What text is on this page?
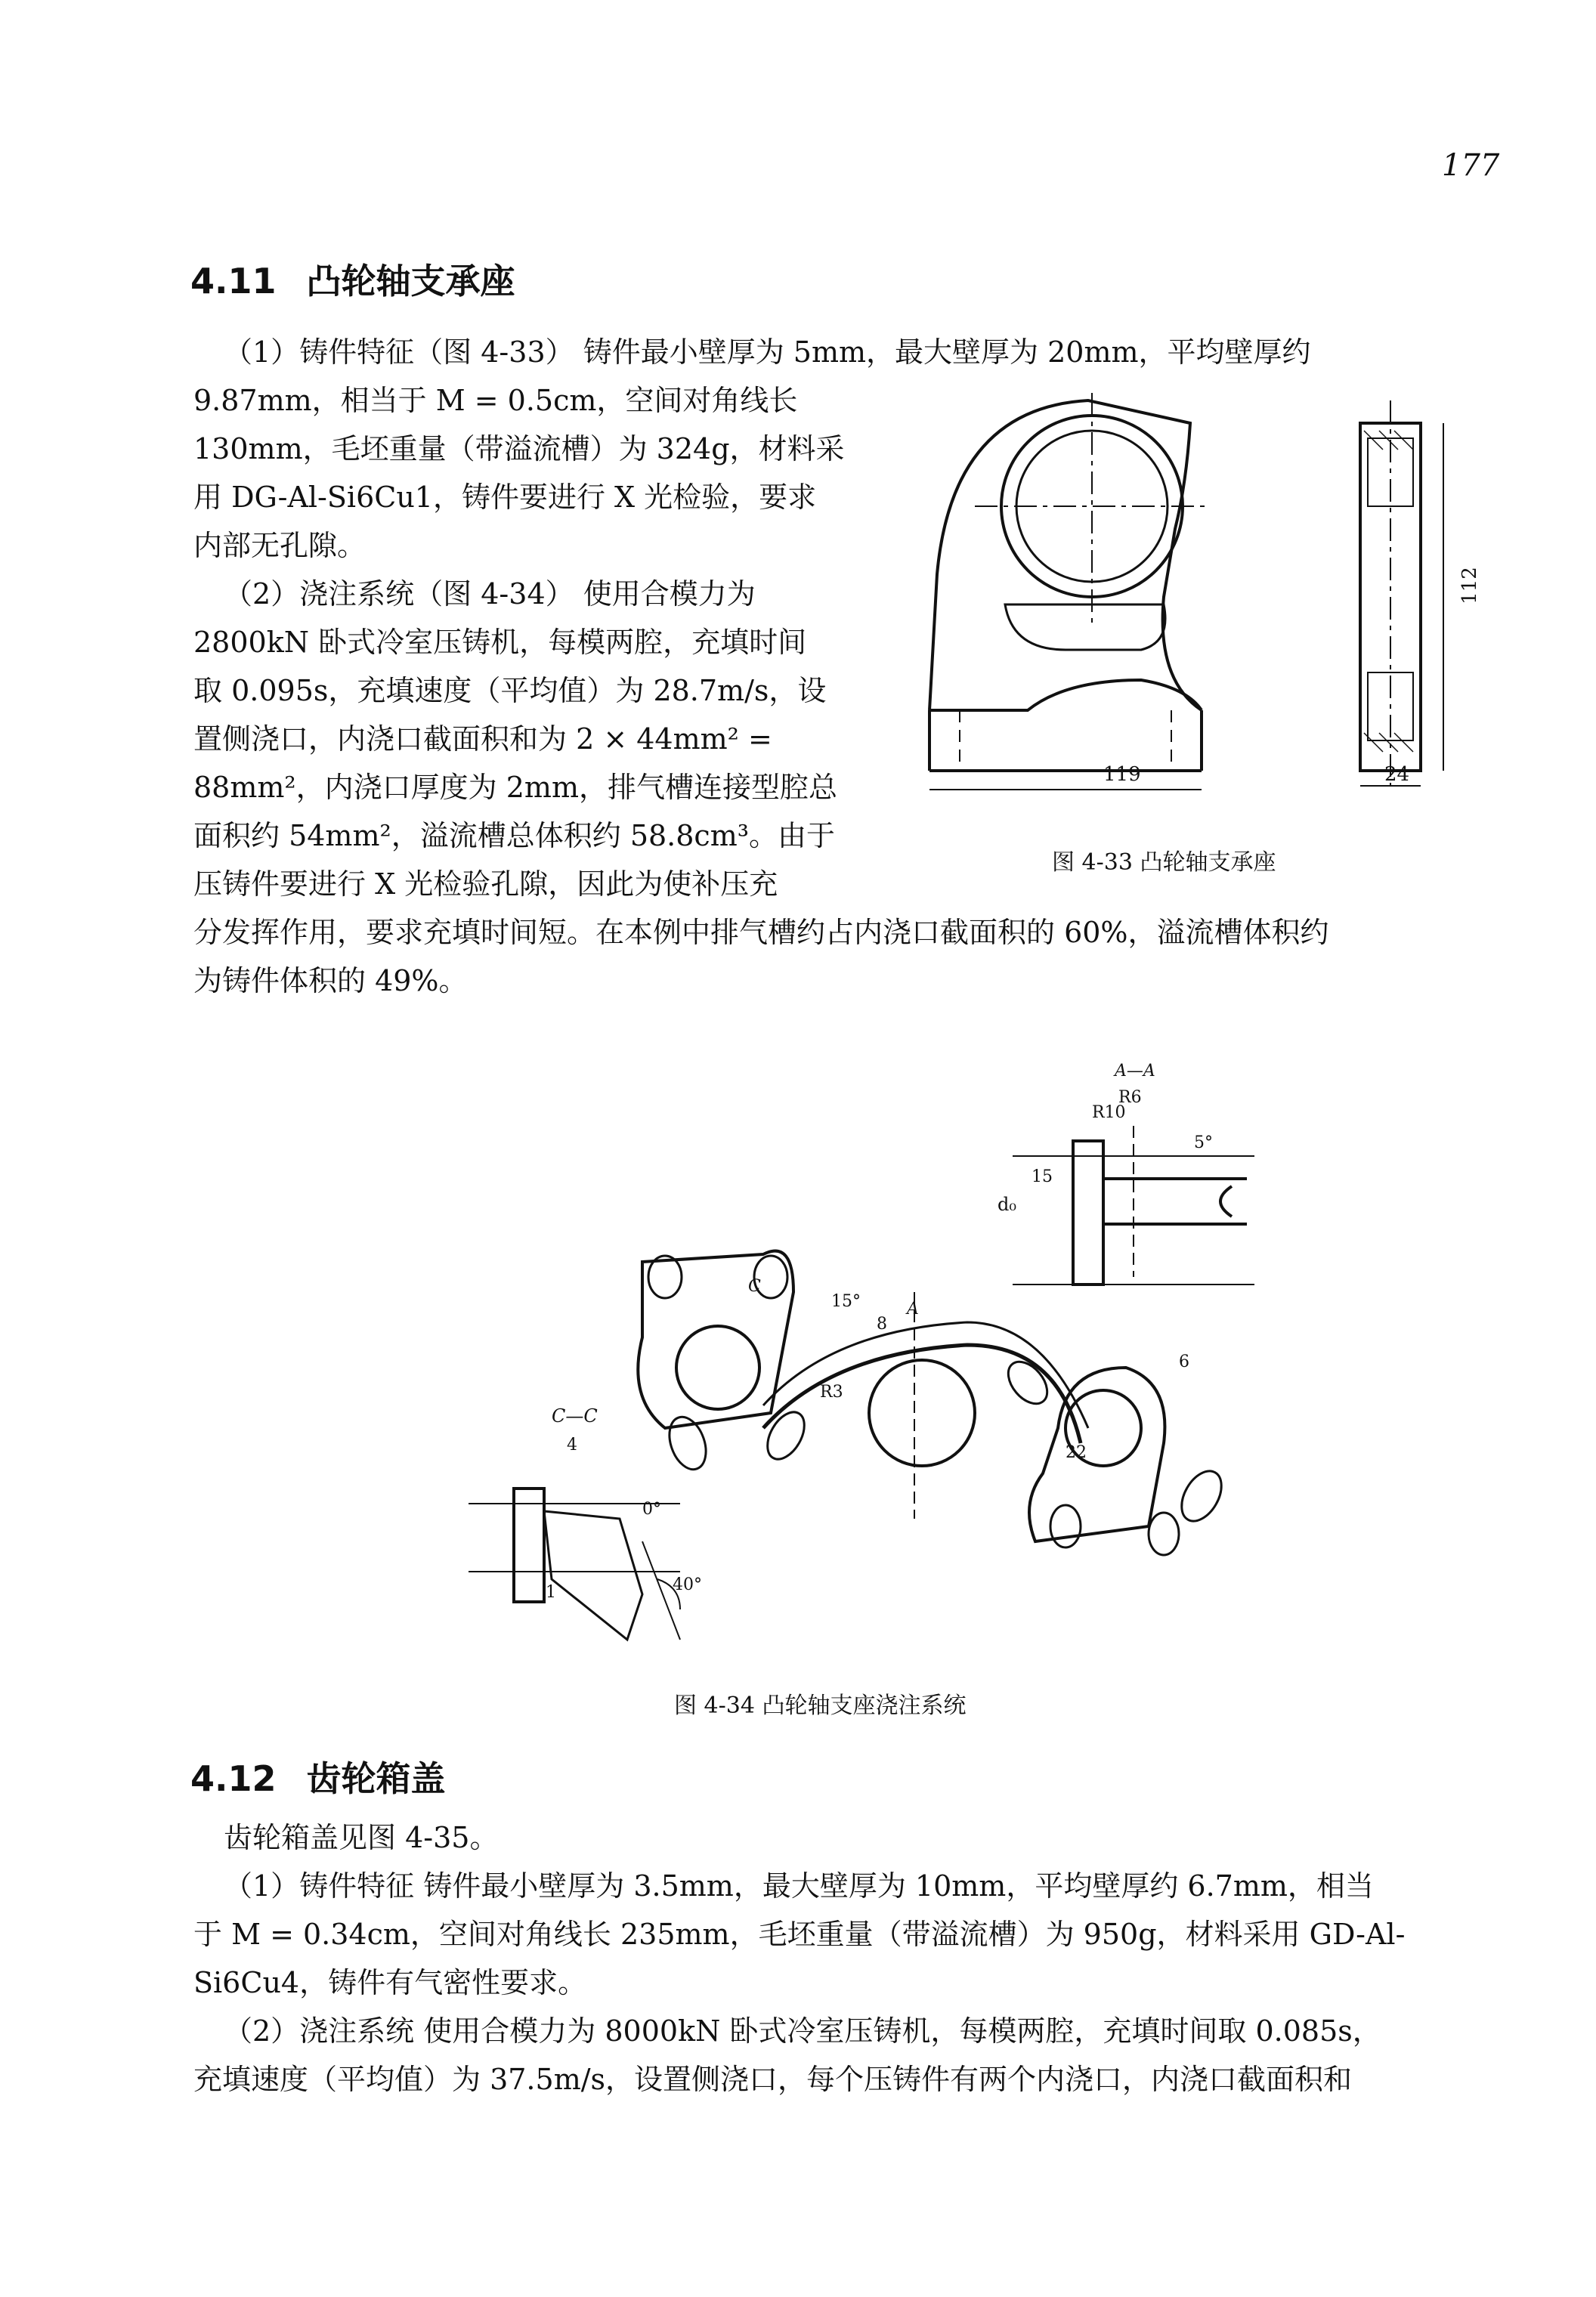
177
4.11 凸轮轴支承座
（1）铸件特征（图 4-33） 铸件最小壁厚为 5mm，最大壁厚为 20mm，平均壁厚约
9.87mm，相当于 M = 0.5cm，空间对角线长
130mm，毛坯重量（带溢流槽）为 324g，材料采
用 DG-Al-Si6Cu1，铸件要进行 X 光检验，要求
内部无孔隙。
（2）浇注系统（图 4-34） 使用合模力为
2800kN 卧式冷室压铸机，每模两腔，充填时间
取 0.095s，充填速度（平均值）为 28.7m/s，设
置侧浇口，内浇口截面积和为 2 × 44mm² =
88mm²，内浇口厚度为 2mm，排气槽连接型腔总
面积约 54mm²，溢流槽总体积约 58.8cm³。由于
压铸件要进行 X 光检验孔隙，因此为使补压充
分发挥作用，要求充填时间短。在本例中排气槽约占内浇口截面积的 60%，溢流槽体积约
为铸件体积的 49%。
119
112
24
图 4-33 凸轮轴支承座
A—A
R6
R10
5°
d₀
15
C
A
15°
8
R3
6
22
C—C
4
0°
40°
1
图 4-34 凸轮轴支座浇注系统
4.12 齿轮箱盖
齿轮箱盖见图 4-35。
（1）铸件特征 铸件最小壁厚为 3.5mm，最大壁厚为 10mm，平均壁厚约 6.7mm，相当
于 M = 0.34cm，空间对角线长 235mm，毛坯重量（带溢流槽）为 950g，材料采用 GD-Al-
Si6Cu4，铸件有气密性要求。
（2）浇注系统 使用合模力为 8000kN 卧式冷室压铸机，每模两腔，充填时间取 0.085s，
充填速度（平均值）为 37.5m/s，设置侧浇口，每个压铸件有两个内浇口，内浇口截面积和
